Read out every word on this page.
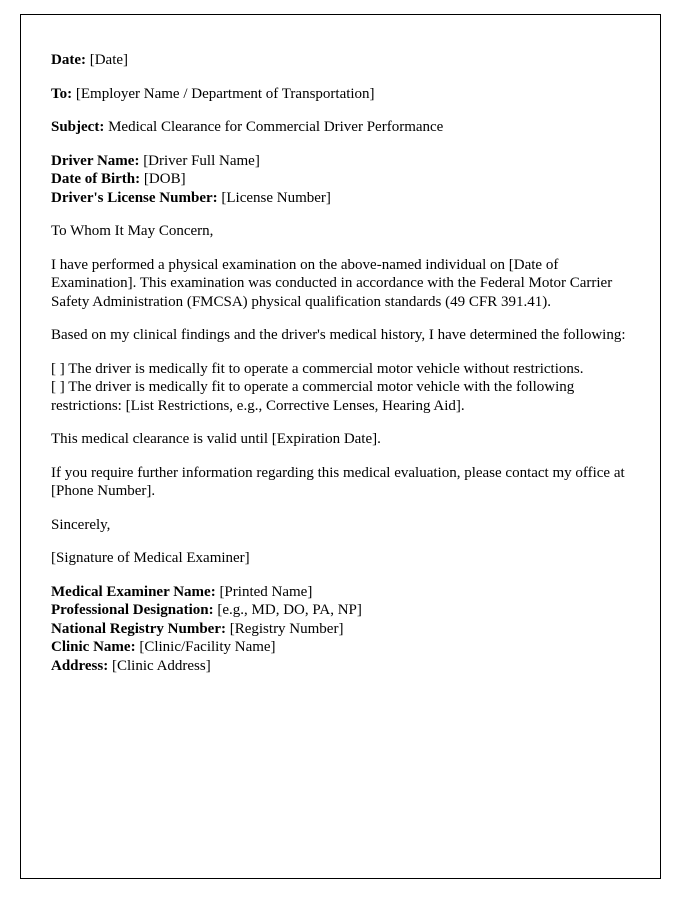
Date: [Date]

To: [Employer Name / Department of Transportation]

Subject: Medical Clearance for Commercial Driver Performance

Driver Name: [Driver Full Name]
Date of Birth: [DOB]
Driver's License Number: [License Number]

To Whom It May Concern,

I have performed a physical examination on the above-named individual on [Date of Examination]. This examination was conducted in accordance with the Federal Motor Carrier Safety Administration (FMCSA) physical qualification standards (49 CFR 391.41).

Based on my clinical findings and the driver's medical history, I have determined the following:

[ ] The driver is medically fit to operate a commercial motor vehicle without restrictions.
[ ] The driver is medically fit to operate a commercial motor vehicle with the following restrictions: [List Restrictions, e.g., Corrective Lenses, Hearing Aid].

This medical clearance is valid until [Expiration Date].

If you require further information regarding this medical evaluation, please contact my office at [Phone Number].

Sincerely,

[Signature of Medical Examiner]

Medical Examiner Name: [Printed Name]
Professional Designation: [e.g., MD, DO, PA, NP]
National Registry Number: [Registry Number]
Clinic Name: [Clinic/Facility Name]
Address: [Clinic Address]
